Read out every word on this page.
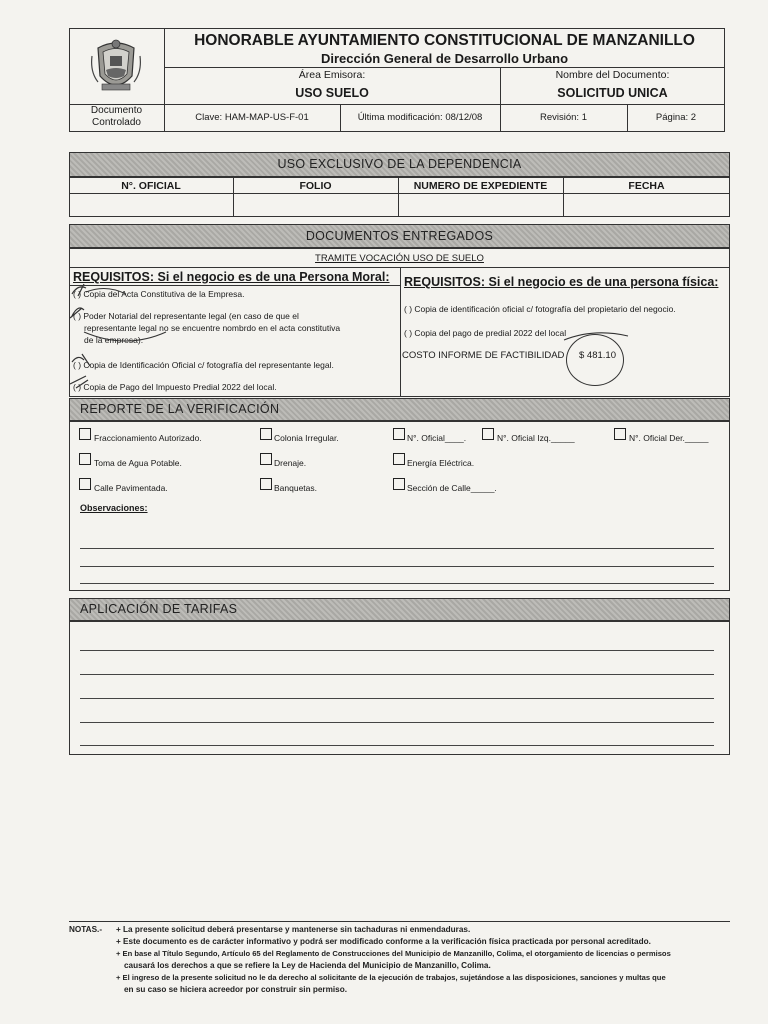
HONORABLE AYUNTAMIENTO CONSTITUCIONAL DE MANZANILLO
Dirección General de Desarrollo Urbano
Área Emisora:
USO SUELO
Nombre del Documento:
SOLICITUD UNICA
Documento
Controlado	Clave: HAM-MAP-US-F-01	Última modificación: 08/12/08	Revisión: 1	Página: 2
USO EXCLUSIVO DE LA DEPENDENCIA
N°. OFICIAL	FOLIO	NUMERO DE EXPEDIENTE	FECHA
DOCUMENTOS ENTREGADOS
TRAMITE VOCACIÓN USO DE SUELO
REQUISITOS: Si el negocio es de una Persona Moral:
( ) Copia del Acta Constitutiva de la Empresa.
( ) Poder Notarial del representante legal (en caso de que el
representante legal no se encuentre nombrdo en el acta constitutiva
de la empresa).
( ) Copia de Identificación Oficial c/ fotografía del representante legal.
( ) Copia de Pago del Impuesto Predial 2022 del local.
REQUISITOS: Si el negocio es de una persona física:
( ) Copia de identificación oficial c/ fotografía del propietario del negocio.
( ) Copia del pago de predial 2022 del local
COSTO INFORME DE FACTIBILIDAD $ 481.10
REPORTE DE LA VERIFICACIÓN
Fraccionamiento Autorizado.	Colonia Irregular.	N°. Oficial____.	N°. Oficial Izq._____	N°. Oficial Der._____
Toma de Agua Potable.	Drenaje.	Energía Eléctrica.
Calle Pavimentada.	Banquetas.	Sección de Calle_____.
Observaciones:
APLICACIÓN DE TARIFAS
NOTAS.- + La presente solicitud deberá presentarse y mantenerse sin tachaduras ni enmendaduras.
+ Este documento es de carácter informativo y podrá ser modificado conforme a la verificación física practicada por personal acreditado.
+ En base al Título Segundo, Artículo 65 del Reglamento de Construcciones del Municipio de Manzanillo, Colima, el otorgamiento de licencias o permisos
causará los derechos a que se refiere la Ley de Hacienda del Municipio de Manzanillo, Colima.
+ El ingreso de la presente solicitud no le da derecho al solicitante de la ejecución de trabajos, sujetándose a las disposiciones, sanciones y multas que
en su caso se hiciera acreedor por construir sin permiso.
